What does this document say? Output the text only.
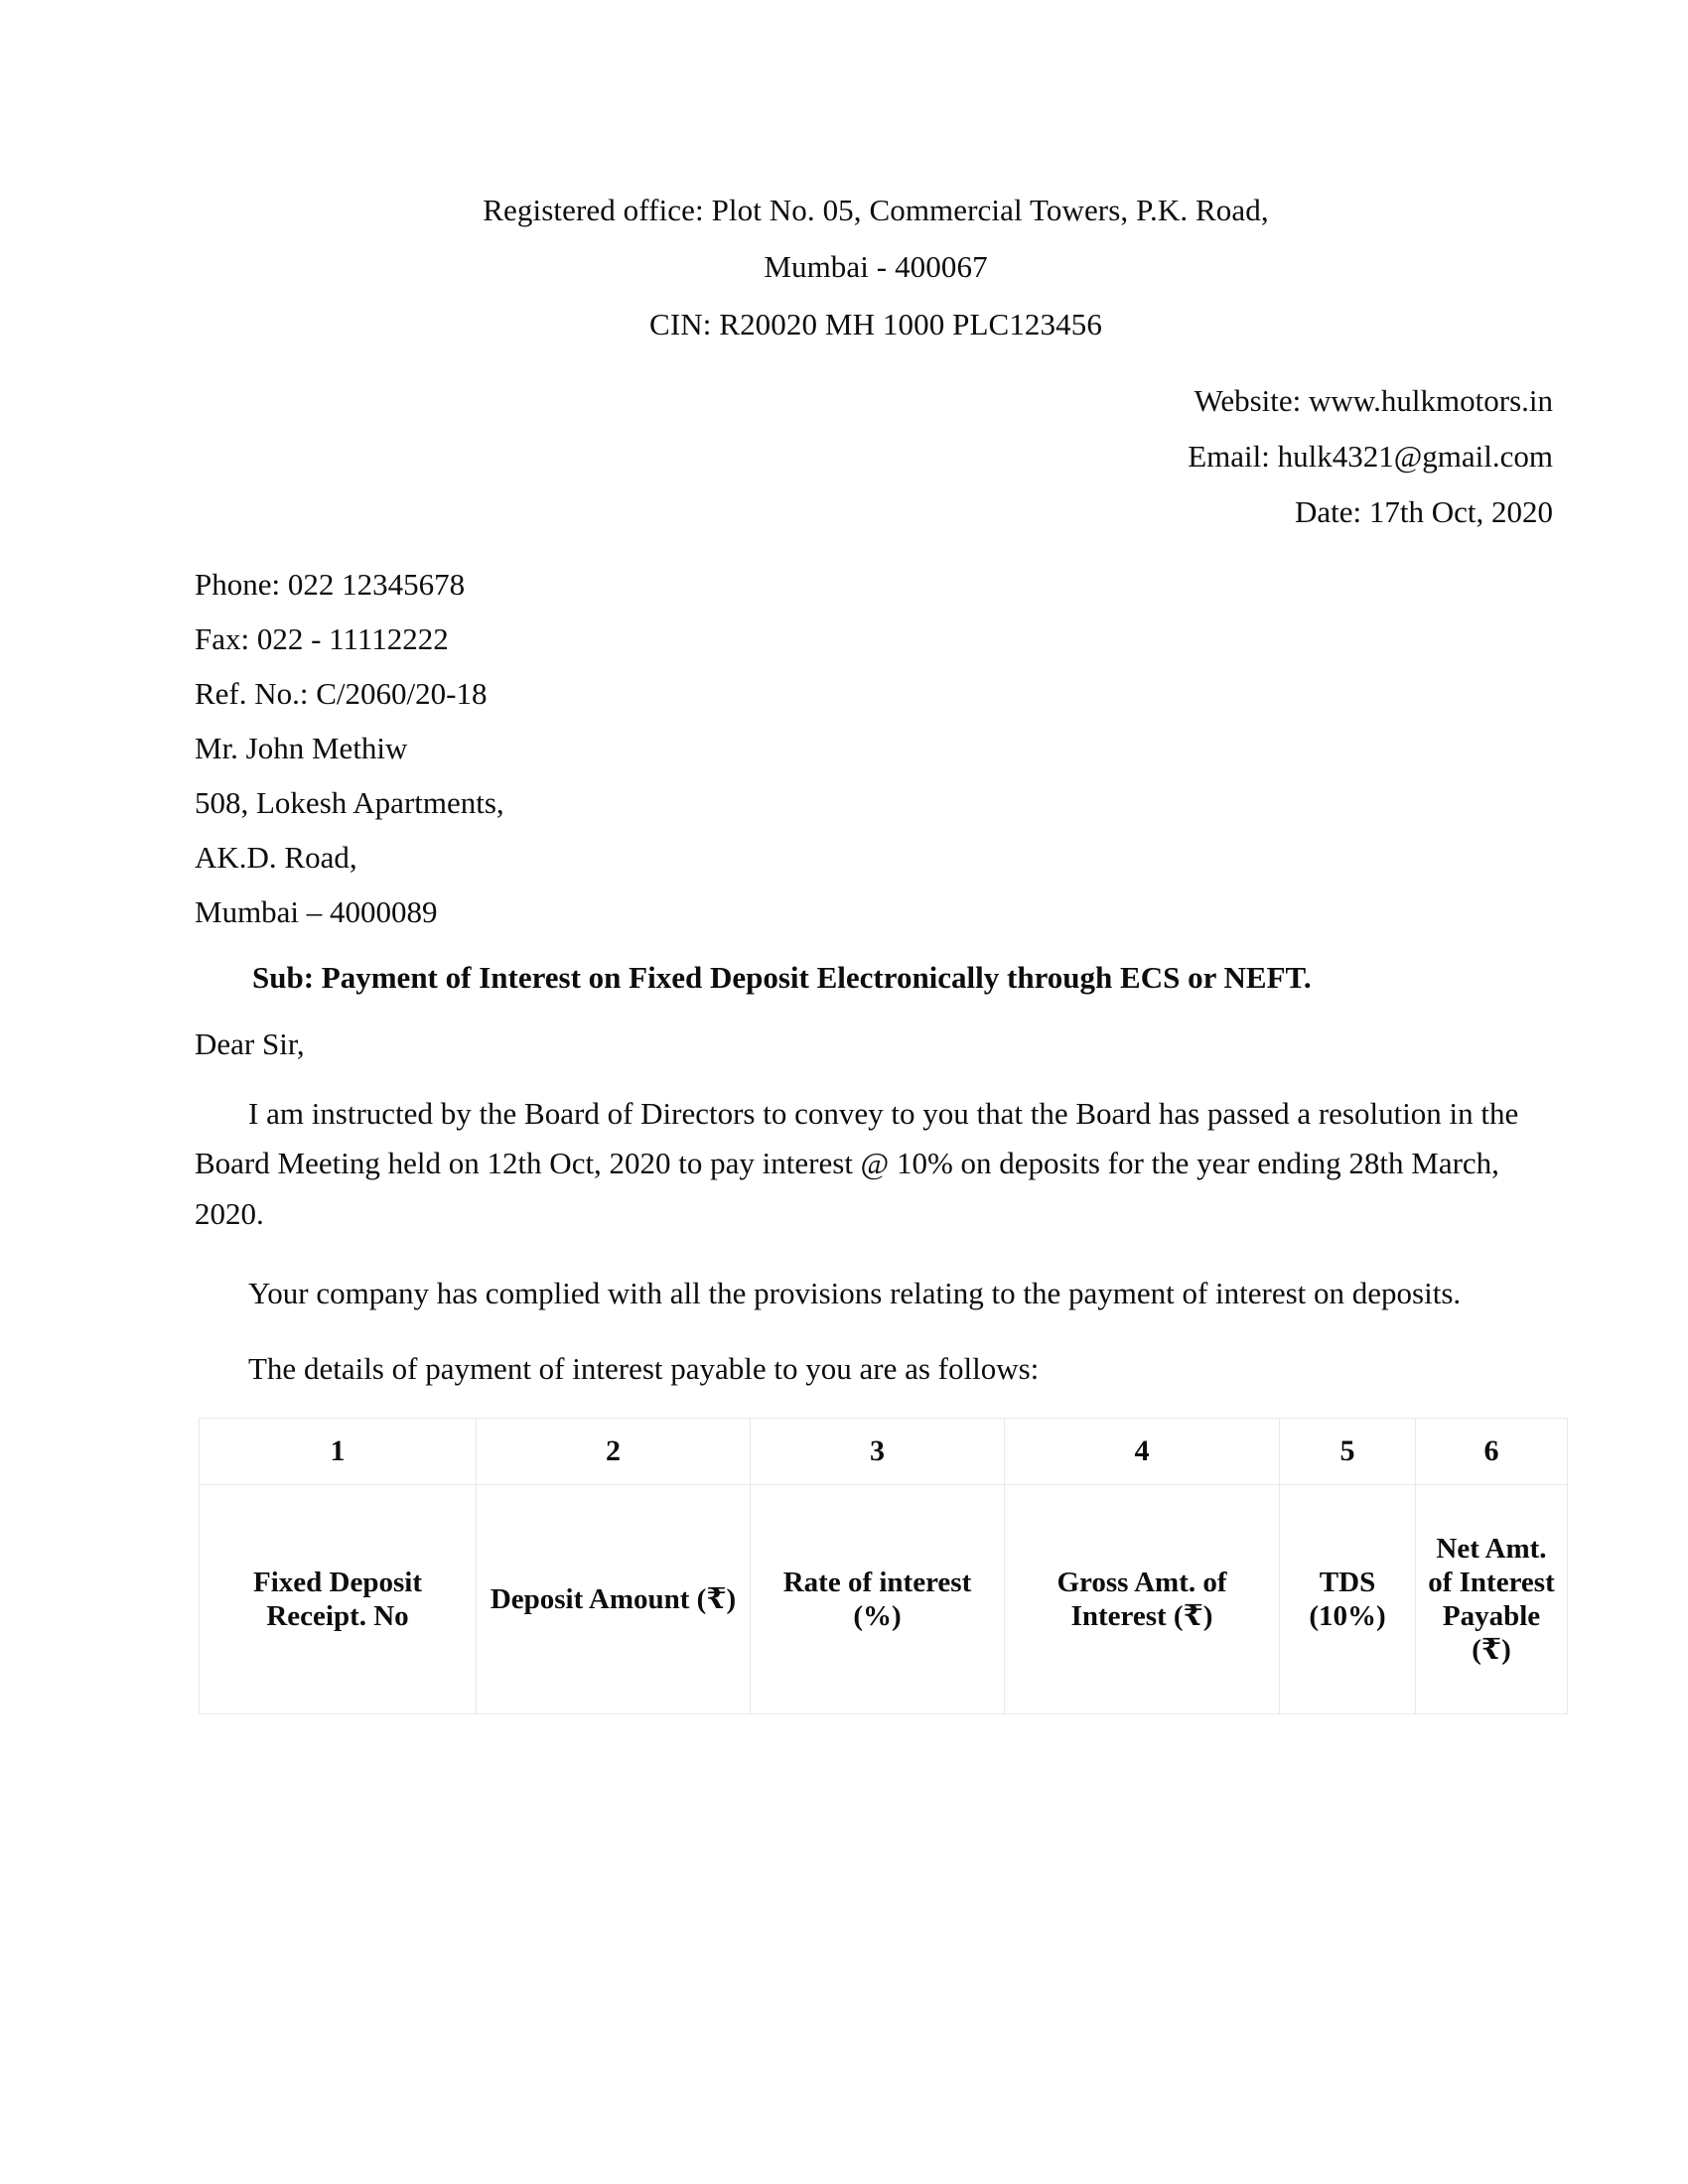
Registered office: Plot No. 05, Commercial Towers, P.K. Road,

Mumbai - 400067

CIN: R20020 MH 1000 PLC123456

Website: www.hulkmotors.in

Email: hulk4321@gmail.com

Date: 17th Oct, 2020

Phone: 022 12345678

Fax: 022 - 11112222

Ref. No.: C/2060/20-18

Mr. John Methiw

508, Lokesh Apartments,

AK.D. Road,

Mumbai – 4000089

Sub: Payment of Interest on Fixed Deposit Electronically through ECS or NEFT.

Dear Sir,

I am instructed by the Board of Directors to convey to you that the Board has passed a resolution in the Board Meeting held on 12th Oct, 2020 to pay interest @ 10% on deposits for the year ending 28th March, 2020.

Your company has complied with all the provisions relating to the payment of interest on deposits.

The details of payment of interest payable to you are as follows:

1	2	3	4	5	6
Fixed Deposit Receipt. No	Deposit Amount (₹)	Rate of interest (%)	Gross Amt. of Interest (₹)	TDS (10%)	Net Amt. of Interest Payable (₹)
